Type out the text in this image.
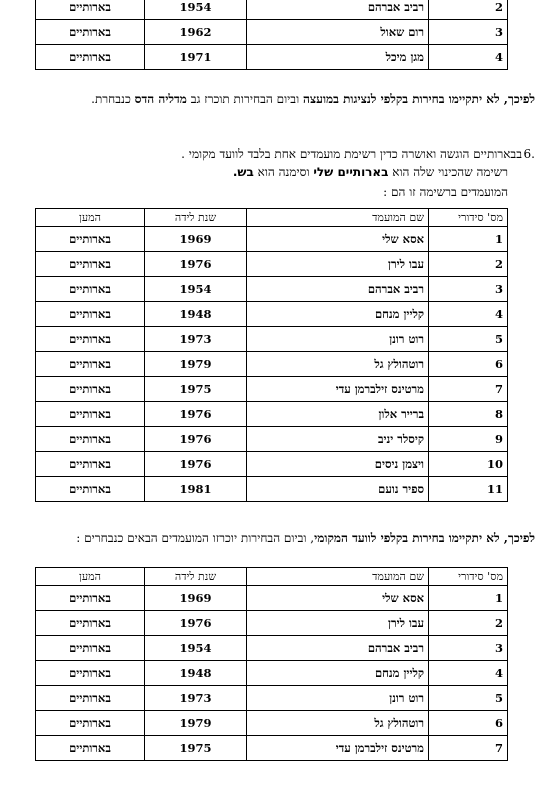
2	רביב אברהם	1954	בארותיים
3	רום שאול	1962	בארותיים
4	מגן מיכל	1971	בארותיים
לפיכך, לא יתקיימו בחירות בקלפי לנציגות במועצה וביום הבחירות תוכרז גב מדליה הדס כנבחרת.
.6
בבארותיים הוגשה ואושרה כדין רשימת מועמדים אחת בלבד לוועד מקומי .
רשימה שהכינוי שלה הוא בארותיים שלי וסימנה הוא בש.
המועמדים ברשימה זו הם :
מס' סידורי	שם המועמד	שנת לידה	המען
1	אסא שלי	1969	בארותיים
2	עבו לירן	1976	בארותיים
3	רביב אברהם	1954	בארותיים
4	קליין מנחם	1948	בארותיים
5	רוט רונן	1973	בארותיים
6	רוטהולץ גל	1979	בארותיים
7	מרטינס זילברמן עדי	1975	בארותיים
8	ברייר אלון	1976	בארותיים
9	קיסלר יניב	1976	בארותיים
10	ויצמן ניסים	1976	בארותיים
11	ספיר נועם	1981	בארותיים
לפיכך, לא יתקיימו בחירות בקלפי לוועד המקומי, וביום הבחירות יוכרזו המועמדים הבאים כנבחרים :
מס' סידורי	שם המועמד	שנת לידה	המען
1	אסא שלי	1969	בארותיים
2	עבו לירן	1976	בארותיים
3	רביב אברהם	1954	בארותיים
4	קליין מנחם	1948	בארותיים
5	רוט רונן	1973	בארותיים
6	רוטהולץ גל	1979	בארותיים
7	מרטינס זילברמן עדי	1975	בארותיים
